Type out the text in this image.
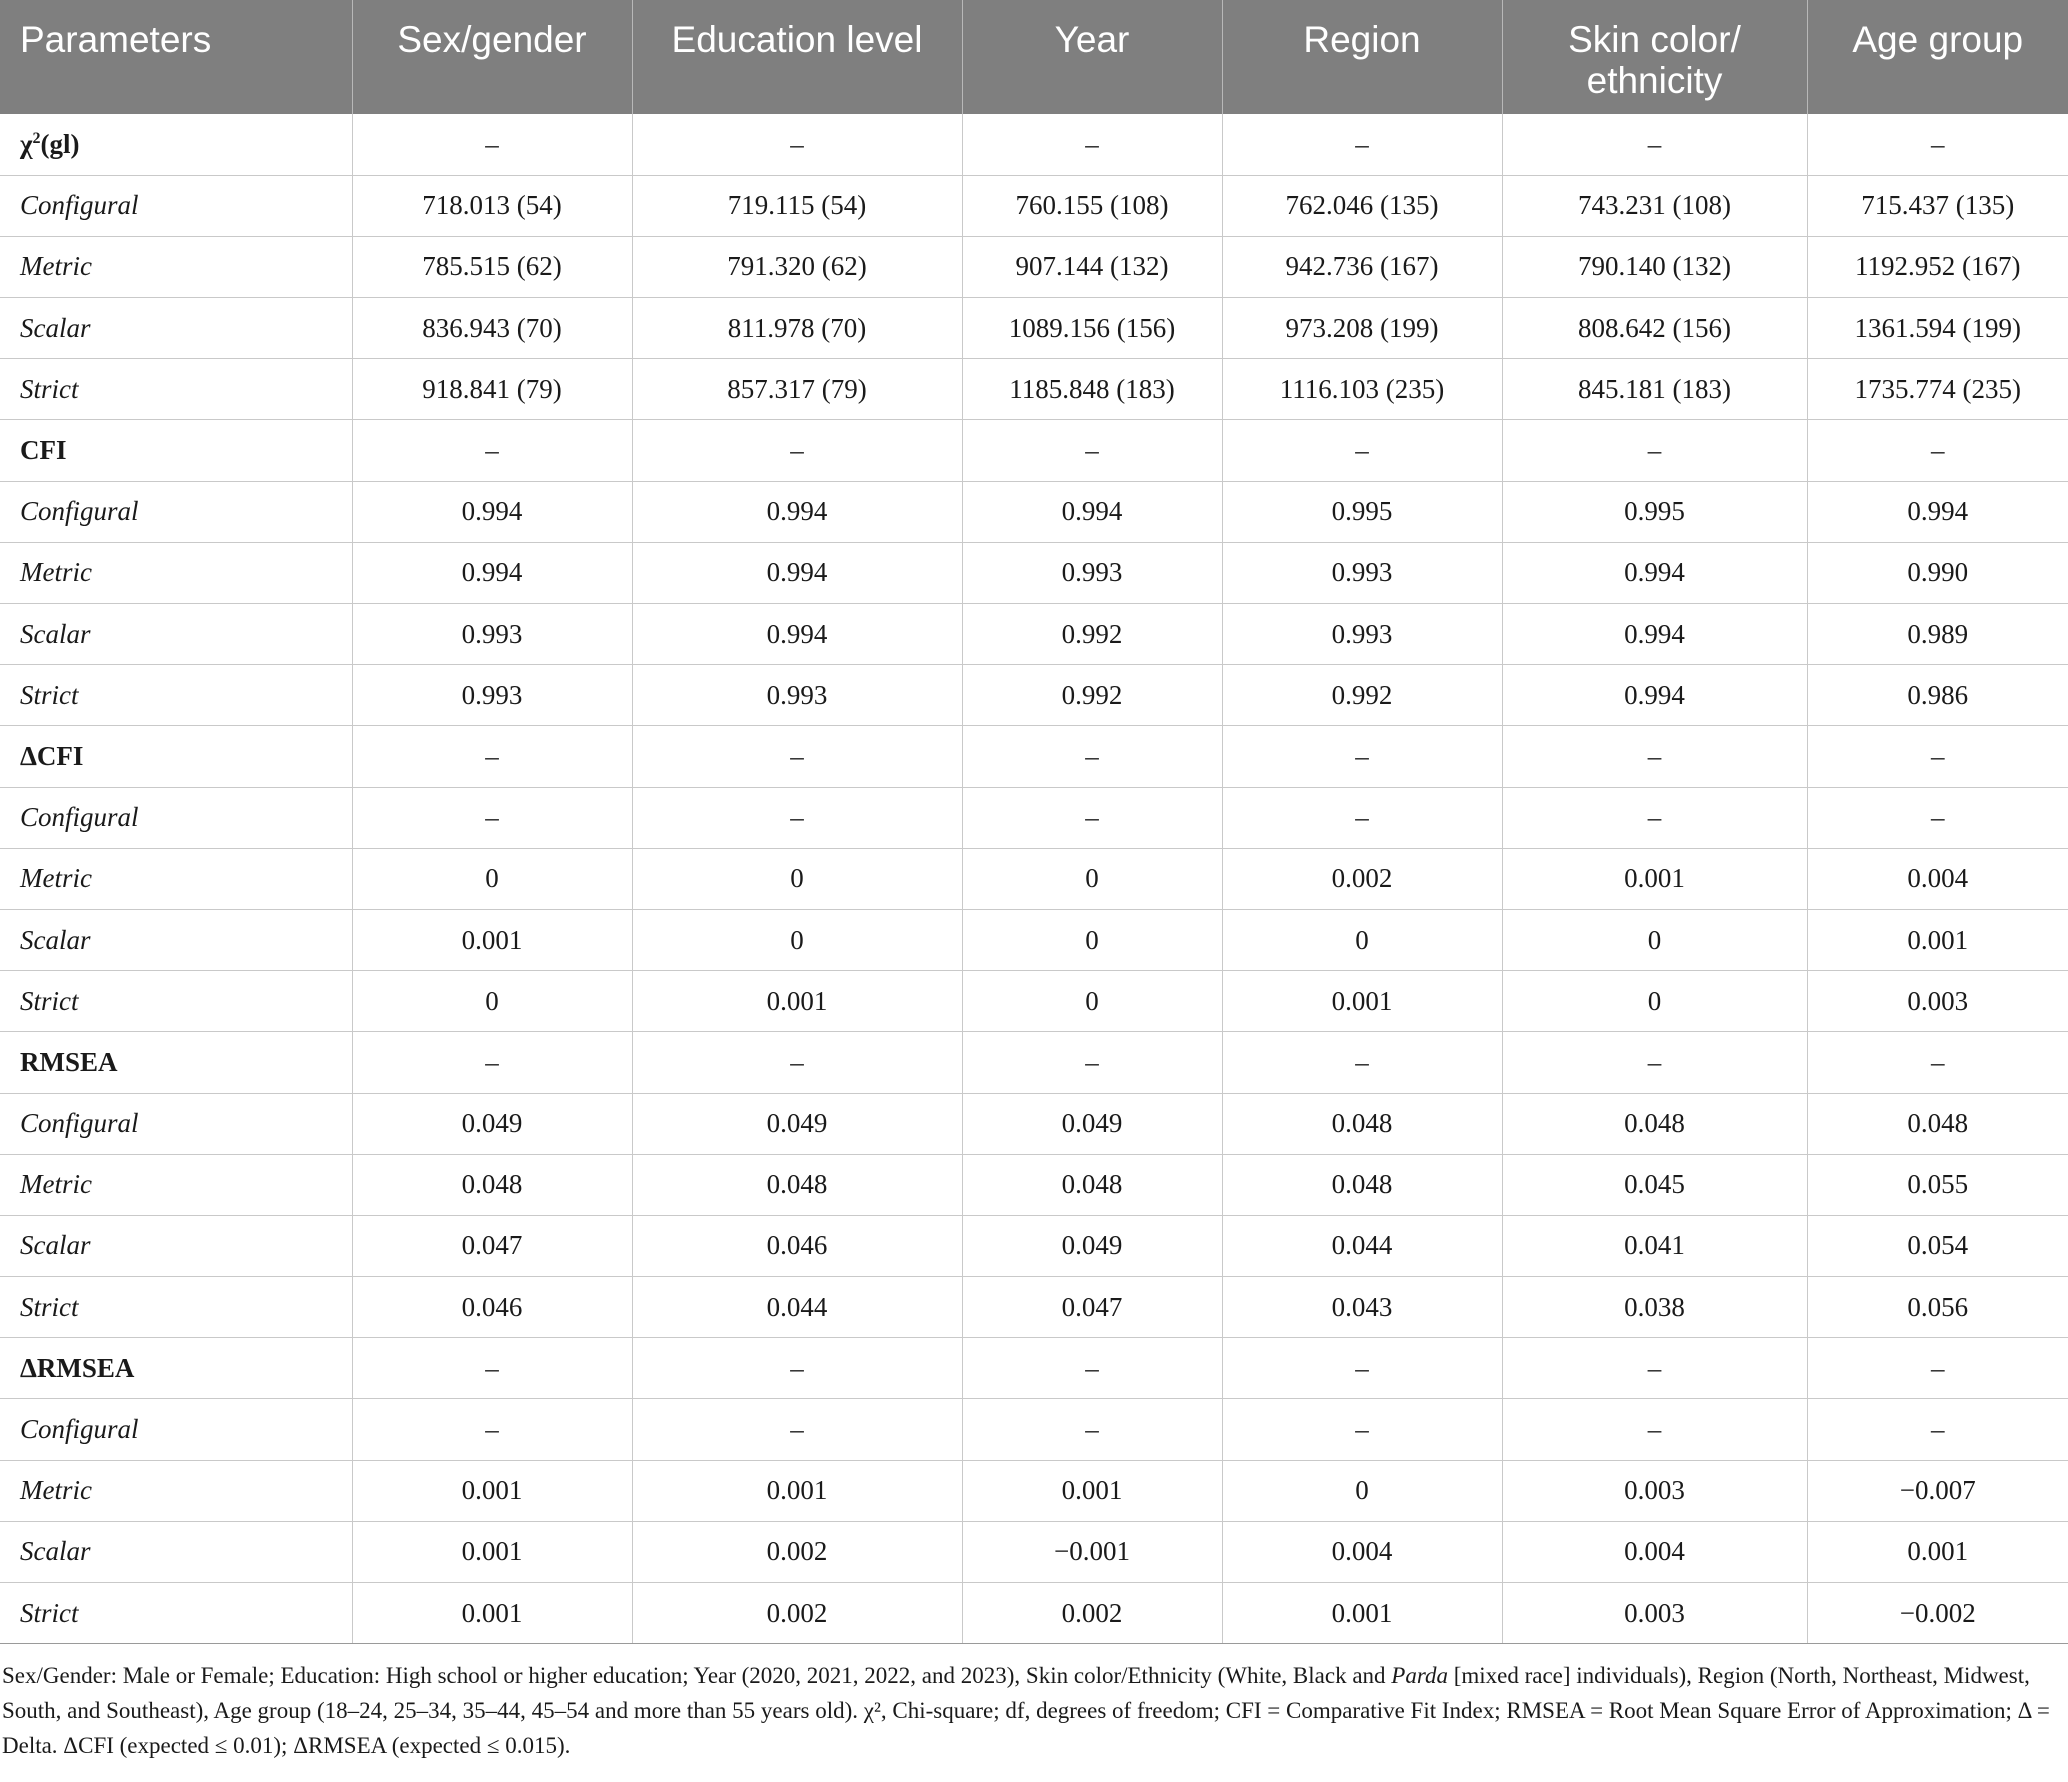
Parameters	Sex/gender	Education level	Year	Region	Skin color/ ethnicity	Age group

$\chi^2(gl)$	–	–	–	–	–	–
Configural	718.013 (54)	719.115 (54)	760.155 (108)	762.046 (135)	743.231 (108)	715.437 (135)
Metric	785.515 (62)	791.320 (62)	907.144 (132)	942.736 (167)	790.140 (132)	1192.952 (167)
Scalar	836.943 (70)	811.978 (70)	1089.156 (156)	973.208 (199)	808.642 (156)	1361.594 (199)
Strict	918.841 (79)	857.317 (79)	1185.848 (183)	1116.103 (235)	845.181 (183)	1735.774 (235)
CFI	–	–	–	–	–	–
Configural	0.994	0.994	0.994	0.995	0.995	0.994
Metric	0.994	0.994	0.993	0.993	0.994	0.990
Scalar	0.993	0.994	0.992	0.993	0.994	0.989
Strict	0.993	0.993	0.992	0.992	0.994	0.986
ΔCFI	–	–	–	–	–	–
Configural	–	–	–	–	–	–
Metric	0	0	0	0.002	0.001	0.004
Scalar	0.001	0	0	0	0	0.001
Strict	0	0.001	0	0.001	0	0.003
RMSEA	–	–	–	–	–	–
Configural	0.049	0.049	0.049	0.048	0.048	0.048
Metric	0.048	0.048	0.048	0.048	0.045	0.055
Scalar	0.047	0.046	0.049	0.044	0.041	0.054
Strict	0.046	0.044	0.047	0.043	0.038	0.056
ΔRMSEA	–	–	–	–	–	–
Configural	–	–	–	–	–	–
Metric	0.001	0.001	0.001	0	0.003	−0.007
Scalar	0.001	0.002	−0.001	0.004	0.004	0.001
Strict	0.001	0.002	0.002	0.001	0.003	−0.002
Sex/Gender: Male or Female; Education: High school or higher education; Year (2020, 2021, 2022, and 2023), Skin color/Ethnicity (White, Black and Parda [mixed race] individuals), Region (North, Northeast, Midwest, South, and Southeast), Age group (18–24, 25–34, 35–44, 45–54 and more than 55 years old). χ², Chi-square; df, degrees of freedom; CFI = Comparative Fit Index; RMSEA = Root Mean Square Error of Approximation; Δ = Delta. ΔCFI (expected ≤ 0.01); ΔRMSEA (expected ≤ 0.015).
